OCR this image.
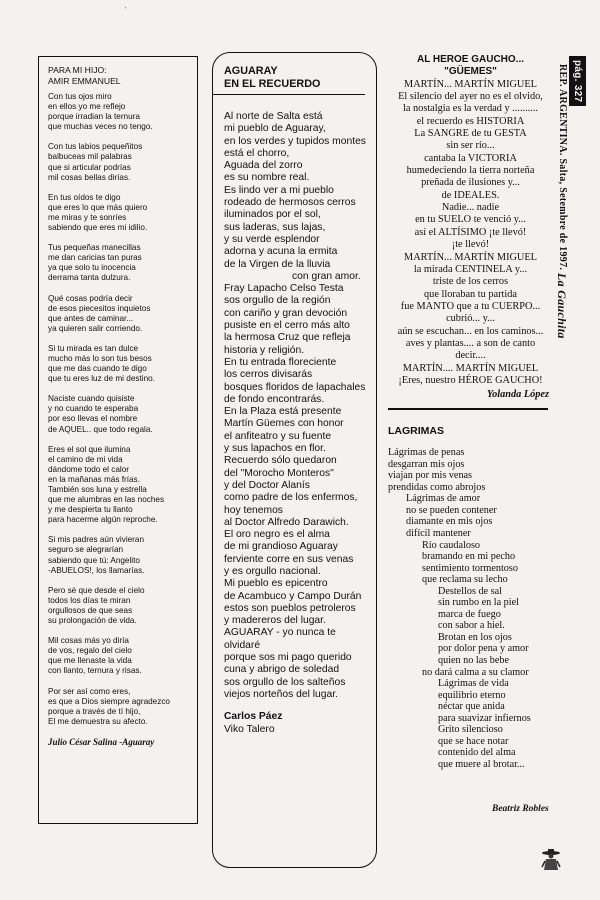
'
PARA MI HIJO:
AMIR EMMANUEL
Con tus ojos miro
en ellos yo me reflejo
porque irradian la ternura
que muchas veces no tengo.
Con tus labios pequeñitos
balbuceas mil palabras
que si articular podrías
mil cosas bellas dirías.
En tus oídos te digo
que eres lo que más quiero
me miras y te sonríes
sabiendo que eres mi idilio.
Tus pequeñas manecillas
me dan caricias tan puras
ya que solo tu inocencia
derrama tanta dulzura.
Qué cosas podría decir
de esos piecesitos inquietos
que antes de caminar...
ya quieren salir corriendo.
Si tu mirada es tan dulce
mucho más lo son tus besos
que me das cuando te digo
que tu eres luz de mi destino.
Naciste cuando quisiste
y no cuando te esperaba
por eso llevas el nombre
de AQUEL.. que todo regala.
Eres el sol que ilumina
el camino de mi vida
dándome todo el calor
en la mañanas más frías.
También sos luna y estrella
que me alumbras en las noches
y me despierta tu llanto
para hacerme algún reproche.
Si mis padres aún vivieran
seguro se alegrarían
sabiendo que tú: Angelito
-ABUELOS!, los llamarías.
Pero sé que desde el cielo
todos los días te miran
orgullosos de que seas
su prolongación de vida.
Mil cosas más yo diría
de vos, regalo del cielo
que me llenaste la vida
con llanto, ternura y risas.
Por ser así como eres,
es que a Dios siempre agradezco
porque a través de tí hijo,
El me demuestra su afecto.
Julio César Salina -Aguaray
AGUARAY
EN EL RECUERDO
Al norte de Salta está
mi pueblo de Aguaray,
en los verdes y tupidos montes
está el chorro,
Aguada del zorro
es su nombre real.
Es lindo ver a mi pueblo
rodeado de hermosos cerros
iluminados por el sol,
sus laderas, sus lajas,
y su verde esplendor
adorna y acuna la ermita
de la Virgen de la lluvia
con gran amor.
Fray Lapacho Celso Testa
sos orgullo de la región
con cariño y gran devoción
pusiste en el cerro más alto
la hermosa Cruz que refleja
historia y religión.
En tu entrada floreciente
los cerros divisarás
bosques floridos de lapachales
de fondo encontrarás.
En la Plaza está presente
Martín Güemes con honor
el anfiteatro y su fuente
y sus lapachos en flor.
Recuerdo sólo quedaron
del "Morocho Monteros"
y del Doctor Alanís
como padre de los enfermos,
hoy tenemos
al Doctor Alfredo Darawich.
El oro negro es el alma
de mi grandioso Aguaray
ferviente corre en sus venas
y es orgullo nacional.
Mi pueblo es epicentro
de Acambuco y Campo Durán
estos son pueblos petroleros
y madereros del lugar.
AGUARAY - yo nunca te
olvidaré
porque sos mi pago querido
cuna y abrigo de soledad
sos orgullo de los salteños
viejos norteños del lugar.
Carlos Páez
Viko Talero
AL HEROE GAUCHO...
"GÜEMES"
MARTÍN... MARTÍN MIGUEL
El silencio del ayer no es el olvido,
la nostalgia es la verdad y ..........
el recuerdo es HISTORIA
La SANGRE de tu GESTA
sin ser río...
cantaba la VICTORIA
humedeciendo la tierra norteña
preñada de ilusiones y...
de IDEALES.
Nadie... nadie
en tu SUELO te venció y...
así el ALTÍSIMO ¡te llevó!
¡te llevó!
MARTÍN... MARTÍN MIGUEL
la mirada CENTINELA y...
triste de los cerros
que lloraban tu partida
fue MANTO que a tu CUERPO...
cubrió... y...
aún se escuchan... en los caminos...
aves y plantas.... a son de canto
decir....
MARTÍN.... MARTÍN MIGUEL
¡Eres, nuestro HÉROE GAUCHO!
Yolanda López
LAGRIMAS
Lágrimas de penas
desgarran mis ojos
viajan por mis venas
prendidas como abrojos
Lágrimas de amor
no se pueden contener
diamante en mis ojos
difícil mantener
Río caudaloso
bramando en mi pecho
sentimiento tormentoso
que reclama su lecho
Destellos de sal
sin rumbo en la piel
marca de fuego
con sabor a hiel.
Brotan en los ojos
por dolor pena y amor
quien no las bebe
no dará calma a su clamor
Lágrimas de vida
equilibrio eterno
néctar que anida
para suavizar infiernos
Grito silencioso
que se hace notar
contenido del alma
que muere al brotar...
Beatriz Robles
pág. 327 REP. ARGENTINA. Salta, Setembre de 1997. La Gauchita
